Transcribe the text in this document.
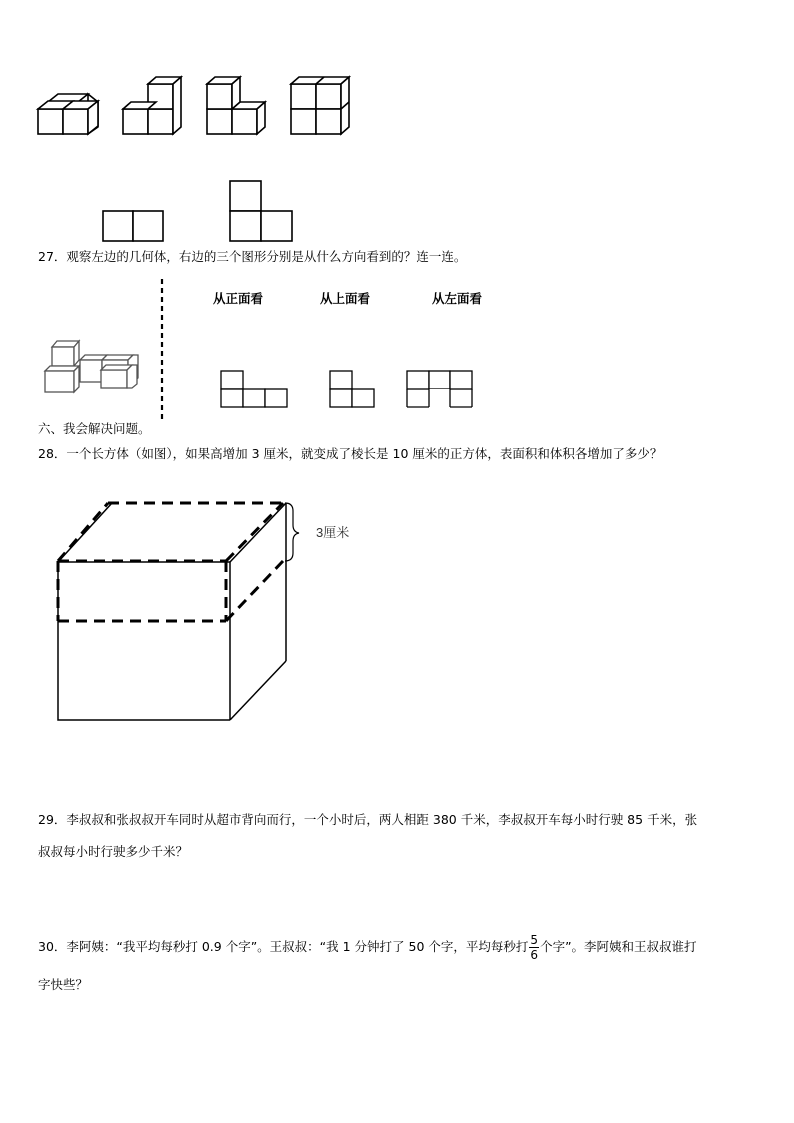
27．观察左边的几何体，右边的三个图形分别是从什么方向看到的？连一连。
从正面看	从上面看	从左面看
六、我会解决问题。
28．一个长方体（如图），如果高增加 3 厘米，就变成了棱长是 10 厘米的正方体，表面积和体积各增加了多少？
3厘米
29．李叔叔和张叔叔开车同时从超市背向而行，一个小时后，两人相距 380 千米，李叔叔开车每小时行驶 85 千米，张
叔叔每小时行驶多少千米？
30．李阿姨：“我平均每秒打 0.9 个字”。王叔叔：“我 1 分钟打了 50 个字，平均每秒打 $\frac{5}{6}$ 个字”。李阿姨和王叔叔谁打
字快些？
